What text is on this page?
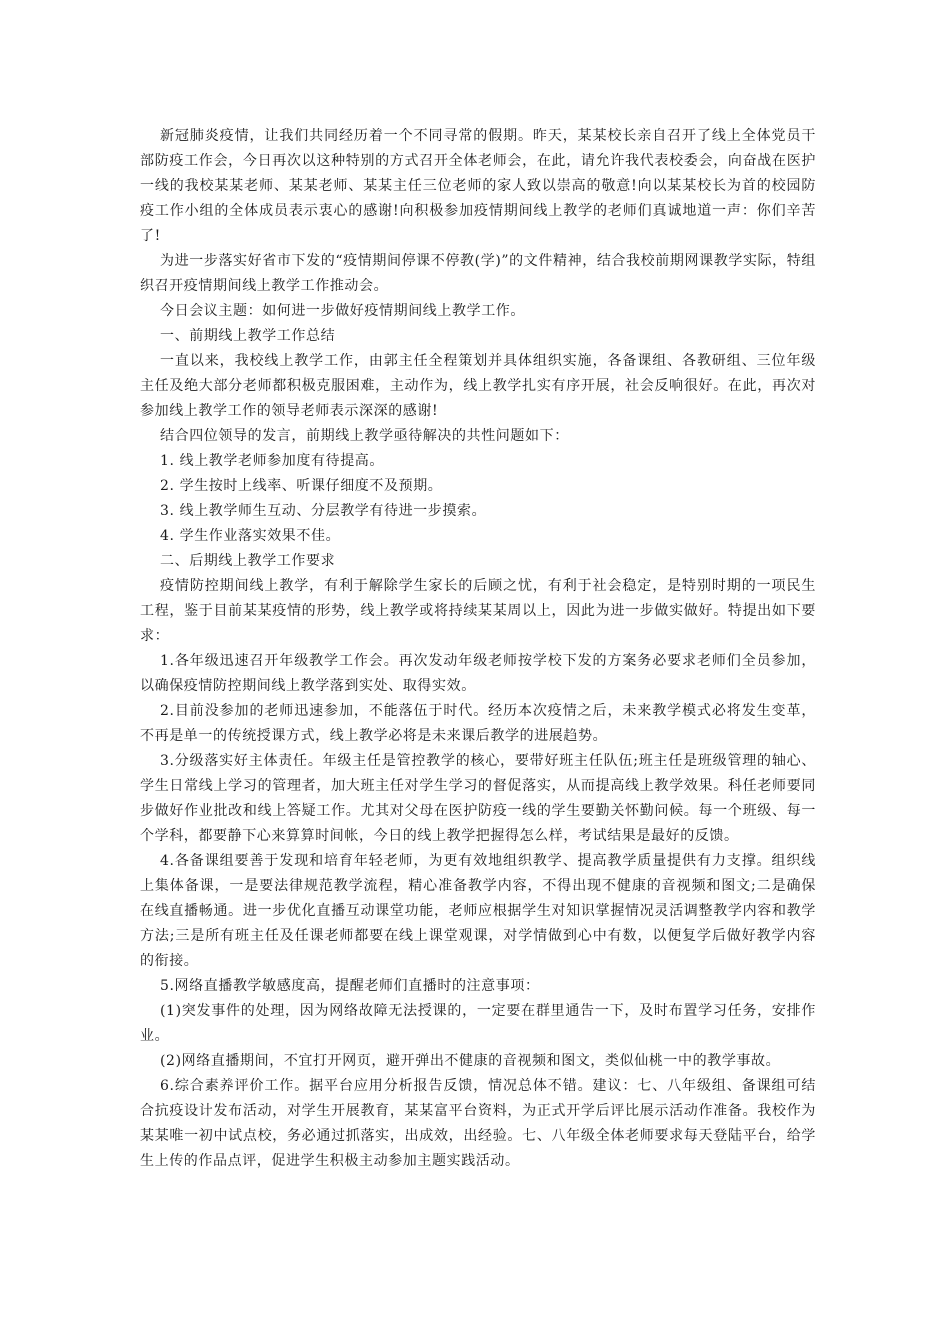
新冠肺炎疫情，让我们共同经历着一个不同寻常的假期。昨天，某某校长亲自召开了线上全体党员干部防疫工作会，今日再次以这种特别的方式召开全体老师会，在此，请允许我代表校委会，向奋战在医护一线的我校某某老师、某某老师、某某主任三位老师的家人致以崇高的敬意!向以某某校长为首的校园防疫工作小组的全体成员表示衷心的感谢!向积极参加疫情期间线上教学的老师们真诚地道一声：你们辛苦了!

为进一步落实好省市下发的“疫情期间停课不停教(学)”的文件精神，结合我校前期网课教学实际，特组织召开疫情期间线上教学工作推动会。

今日会议主题：如何进一步做好疫情期间线上教学工作。

一、前期线上教学工作总结

一直以来，我校线上教学工作，由郭主任全程策划并具体组织实施，各备课组、各教研组、三位年级主任及绝大部分老师都积极克服困难，主动作为，线上教学扎实有序开展，社会反响很好。在此，再次对参加线上教学工作的领导老师表示深深的感谢!

结合四位领导的发言，前期线上教学亟待解决的共性问题如下：

1. 线上教学老师参加度有待提高。

2. 学生按时上线率、听课仔细度不及预期。

3. 线上教学师生互动、分层教学有待进一步摸索。

4. 学生作业落实效果不佳。

二、后期线上教学工作要求

疫情防控期间线上教学，有利于解除学生家长的后顾之忧，有利于社会稳定，是特别时期的一项民生工程，鉴于目前某某疫情的形势，线上教学或将持续某某周以上，因此为进一步做实做好。特提出如下要求：

1.各年级迅速召开年级教学工作会。再次发动年级老师按学校下发的方案务必要求老师们全员参加，以确保疫情防控期间线上教学落到实处、取得实效。

2.目前没参加的老师迅速参加，不能落伍于时代。经历本次疫情之后，未来教学模式必将发生变革，不再是单一的传统授课方式，线上教学必将是未来课后教学的进展趋势。

3.分级落实好主体责任。年级主任是管控教学的核心，要带好班主任队伍;班主任是班级管理的轴心、学生日常线上学习的管理者，加大班主任对学生学习的督促落实，从而提高线上教学效果。科任老师要同步做好作业批改和线上答疑工作。尤其对父母在医护防疫一线的学生要勤关怀勤问候。每一个班级、每一个学科，都要静下心来算算时间帐，今日的线上教学把握得怎么样，考试结果是最好的反馈。

4.各备课组要善于发现和培育年轻老师，为更有效地组织教学、提高教学质量提供有力支撑。组织线上集体备课，一是要法律规范教学流程，精心准备教学内容，不得出现不健康的音视频和图文;二是确保在线直播畅通。进一步优化直播互动课堂功能，老师应根据学生对知识掌握情况灵活调整教学内容和教学方法;三是所有班主任及任课老师都要在线上课堂观课，对学情做到心中有数，以便复学后做好教学内容的衔接。

5.网络直播教学敏感度高，提醒老师们直播时的注意事项：

(1)突发事件的处理，因为网络故障无法授课的，一定要在群里通告一下，及时布置学习任务，安排作业。

(2)网络直播期间，不宜打开网页，避开弹出不健康的音视频和图文，类似仙桃一中的教学事故。

6.综合素养评价工作。据平台应用分析报告反馈，情况总体不错。建议：七、八年级组、备课组可结合抗疫设计发布活动，对学生开展教育，某某富平台资料，为正式开学后评比展示活动作准备。我校作为某某唯一初中试点校，务必通过抓落实，出成效，出经验。七、八年级全体老师要求每天登陆平台，给学生上传的作品点评，促进学生积极主动参加主题实践活动。
